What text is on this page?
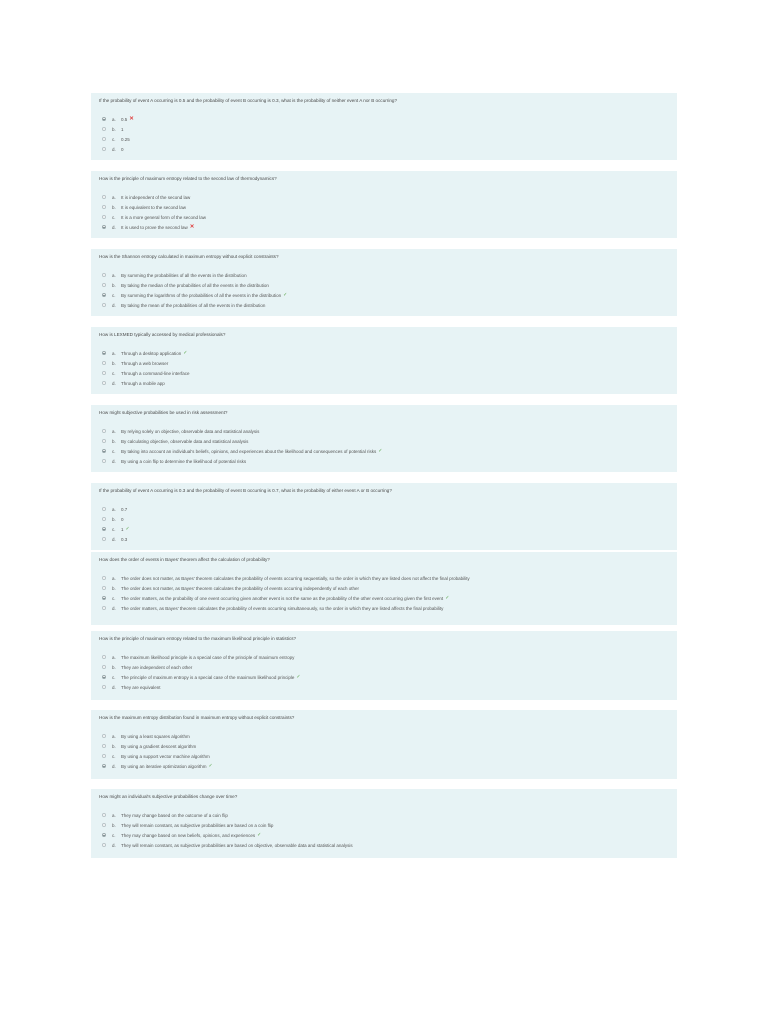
If the probability of event A occurring is 0.5 and the probability of event B occurring is 0.3, what is the probability of neither event A nor B occurring?
a.	0.5 ✕
b.	1
c.	0.25
d.	0
How is the principle of maximum entropy related to the second law of thermodynamics?
a.	It is independent of the second law
b.	It is equivalent to the second law
c.	It is a more general form of the second law
d.	It is used to prove the second law ✕
How is the Shannon entropy calculated in maximum entropy without explicit constraints?
a.	By summing the probabilities of all the events in the distribution
b.	By taking the median of the probabilities of all the events in the distribution
c.	By summing the logarithms of the probabilities of all the events in the distribution ✓
d.	By taking the mean of the probabilities of all the events in the distribution
How is LEXMED typically accessed by medical professionals?
a.	Through a desktop application ✓
b.	Through a web browser
c.	Through a command-line interface
d.	Through a mobile app
How might subjective probabilities be used in risk assessment?
a.	By relying solely on objective, observable data and statistical analysis
b.	By calculating objective, observable data and statistical analysis
c.	By taking into account an individual's beliefs, opinions, and experiences about the likelihood and consequences of potential risks ✓
d.	By using a coin flip to determine the likelihood of potential risks
If the probability of event A occurring is 0.3 and the probability of event B occurring is 0.7, what is the probability of either event A or B occurring?
a.	0.7
b.	0
c.	1 ✓
d.	0.3
How does the order of events in Bayes' theorem affect the calculation of probability?
a.	The order does not matter, as Bayes' theorem calculates the probability of events occurring sequentially, so the order in which they are listed does not affect the final probability
b.	The order does not matter, as Bayes' theorem calculates the probability of events occurring independently of each other
c.	The order matters, as the probability of one event occurring given another event is not the same as the probability of the other event occurring given the first event ✓
d.	The order matters, as Bayes' theorem calculates the probability of events occurring simultaneously, so the order in which they are listed affects the final probability
How is the principle of maximum entropy related to the maximum likelihood principle in statistics?
a.	The maximum likelihood principle is a special case of the principle of maximum entropy
b.	They are independent of each other
c.	The principle of maximum entropy is a special case of the maximum likelihood principle ✓
d.	They are equivalent
How is the maximum entropy distribution found in maximum entropy without explicit constraints?
a.	By using a least squares algorithm
b.	By using a gradient descent algorithm
c.	By using a support vector machine algorithm
d.	By using an iterative optimization algorithm ✓
How might an individual's subjective probabilities change over time?
a.	They may change based on the outcome of a coin flip
b.	They will remain constant, as subjective probabilities are based on a coin flip
c.	They may change based on new beliefs, opinions, and experiences ✓
d.	They will remain constant, as subjective probabilities are based on objective, observable data and statistical analysis
